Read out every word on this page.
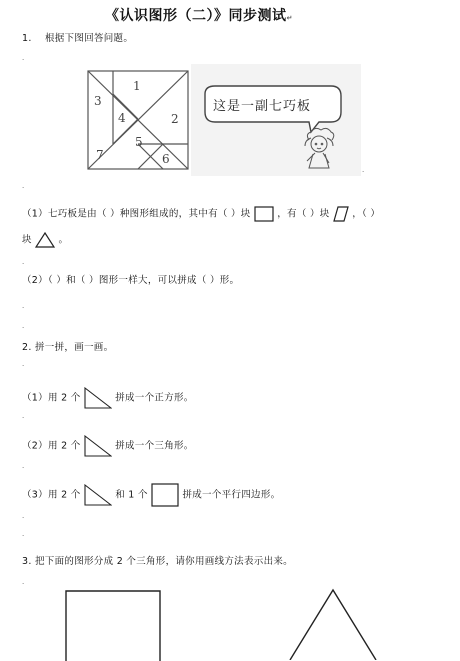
《认识图形（二）》同步测试↵
1. 根据下图回答问题。
.
1
2
3
4
5
6
7
这是一副七巧板
.
.
（1）七巧板是由（ ）种图形组成的，其中有（ ）块	，有（ ）块 ，（ ）
块	。
.
（2）（ ）和（ ）图形一样大，可以拼成（ ）形。
.
.
2. 拼一拼，画一画。
.
（1）用 2 个	拼成一个正方形。
.
（2）用 2 个	拼成一个三角形。
.
（3）用 2 个	和 1 个	拼成一个平行四边形。
.
.
3. 把下面的图形分成 2 个三角形，请你用画线方法表示出来。
.
